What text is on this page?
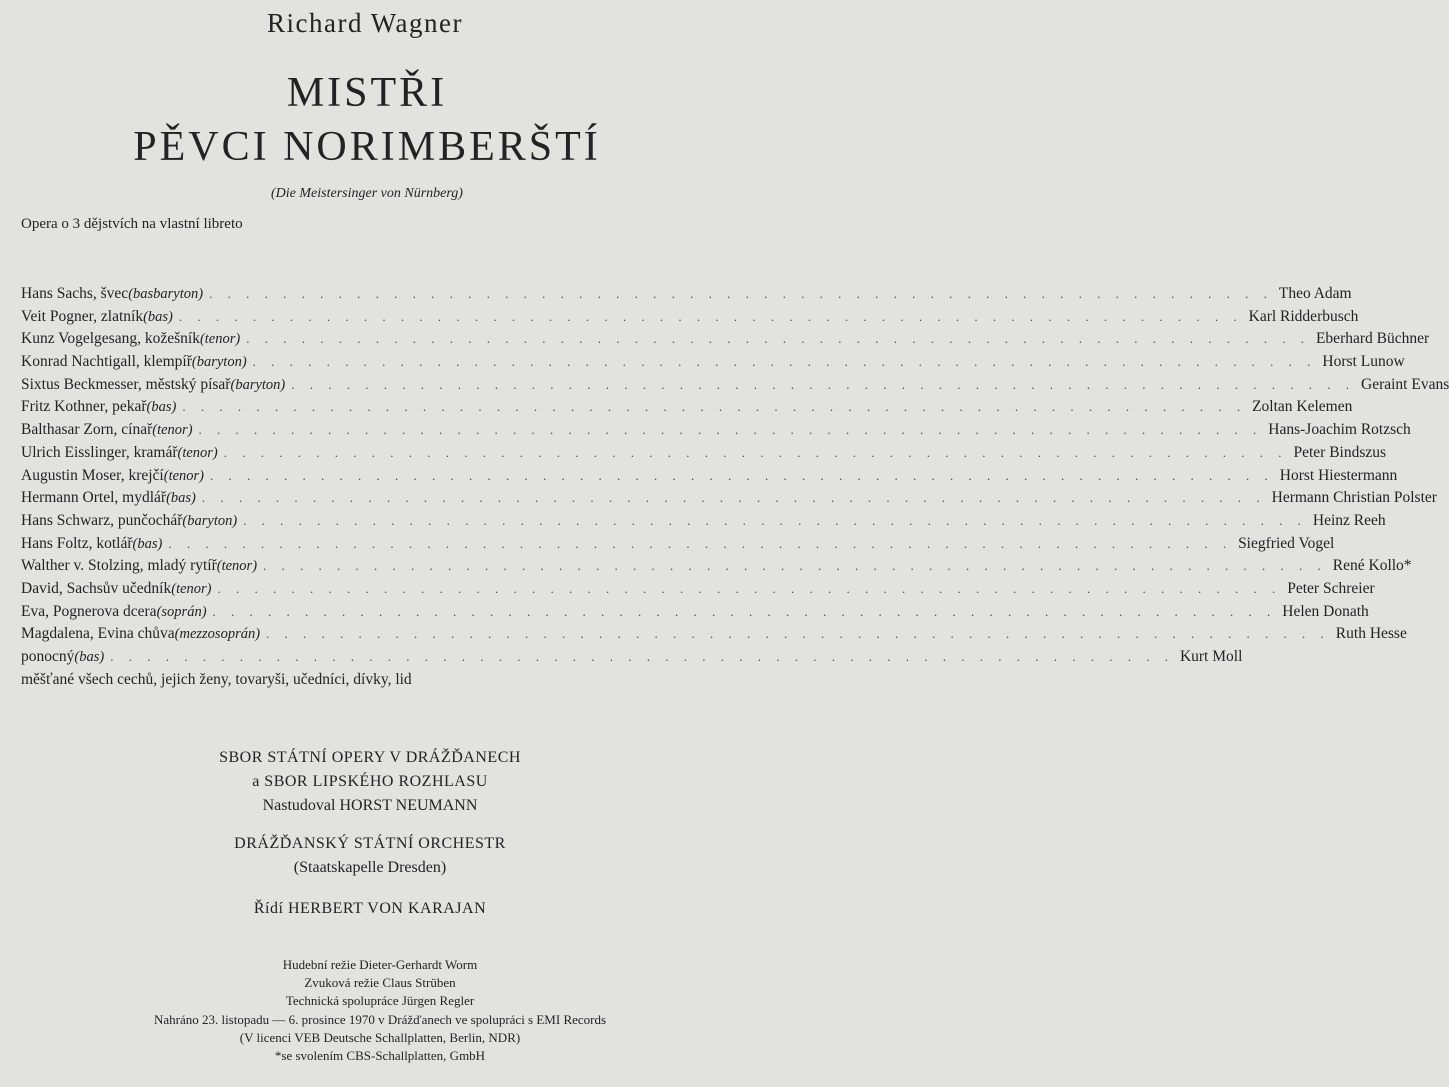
Richard Wagner
MISTŘI
PĚVCI NORIMBERŠTÍ
(Die Meistersinger von Nürnberg)
Opera o 3 dějstvích na vlastní libreto
Hans Sachs, švec (basbaryton) . . . . . . . . . . . . . . . . . . . . . . . . . . . . . . . . . . . . . . . . . . . . . . . . . . . . . . . . . . Theo Adam
Veit Pogner, zlatník (bas) . . . . . . . . . . . . . . . . . . . . . . . . . . . . . . . . . . . . . . . . . . . . . . . . . . . . . . . . . . Karl Ridderbusch
Kunz Vogelgesang, kožešník (tenor) . . . . . . . . . . . . . . . . . . . . . . . . . . . . . . . . . . . . . . . . . . . . . . . . . . . . . . . . . . Eberhard Büchner
Konrad Nachtigall, klempíř (baryton) . . . . . . . . . . . . . . . . . . . . . . . . . . . . . . . . . . . . . . . . . . . . . . . . . . . . . . . . . . Horst Lunow
Sixtus Beckmesser, městský písař (baryton) . . . . . . . . . . . . . . . . . . . . . . . . . . . . . . . . . . . . . . . . . . . . . . . . . . . . . . . . . . Geraint Evans
Fritz Kothner, pekař (bas) . . . . . . . . . . . . . . . . . . . . . . . . . . . . . . . . . . . . . . . . . . . . . . . . . . . . . . . . . . Zoltan Kelemen
Balthasar Zorn, cínař (tenor) . . . . . . . . . . . . . . . . . . . . . . . . . . . . . . . . . . . . . . . . . . . . . . . . . . . . . . . . . . Hans-Joachim Rotzsch
Ulrich Eisslinger, kramář (tenor) . . . . . . . . . . . . . . . . . . . . . . . . . . . . . . . . . . . . . . . . . . . . . . . . . . . . . . . . . . Peter Bindszus
Augustin Moser, krejčí (tenor) . . . . . . . . . . . . . . . . . . . . . . . . . . . . . . . . . . . . . . . . . . . . . . . . . . . . . . . . . . Horst Hiestermann
Hermann Ortel, mydlář (bas) . . . . . . . . . . . . . . . . . . . . . . . . . . . . . . . . . . . . . . . . . . . . . . . . . . . . . . . . . . Hermann Christian Polster
Hans Schwarz, punčochář (baryton) . . . . . . . . . . . . . . . . . . . . . . . . . . . . . . . . . . . . . . . . . . . . . . . . . . . . . . . . . . Heinz Reeh
Hans Foltz, kotlář (bas) . . . . . . . . . . . . . . . . . . . . . . . . . . . . . . . . . . . . . . . . . . . . . . . . . . . . . . . . . . Siegfried Vogel
Walther v. Stolzing, mladý rytíř (tenor) . . . . . . . . . . . . . . . . . . . . . . . . . . . . . . . . . . . . . . . . . . . . . . . . . . . . . . . . . . René Kollo*
David, Sachsův učedník (tenor) . . . . . . . . . . . . . . . . . . . . . . . . . . . . . . . . . . . . . . . . . . . . . . . . . . . . . . . . . . Peter Schreier
Eva, Pognerova dcera (soprán) . . . . . . . . . . . . . . . . . . . . . . . . . . . . . . . . . . . . . . . . . . . . . . . . . . . . . . . . . . Helen Donath
Magdalena, Evina chůva (mezzosoprán) . . . . . . . . . . . . . . . . . . . . . . . . . . . . . . . . . . . . . . . . . . . . . . . . . . . . . . . . . . Ruth Hesse
ponocný (bas) . . . . . . . . . . . . . . . . . . . . . . . . . . . . . . . . . . . . . . . . . . . . . . . . . . . . . . . . . . Kurt Moll
měšťané všech cechů, jejich ženy, tovaryši, učedníci, dívky, lid
SBOR STÁTNÍ OPERY V DRÁŽĎANECH
a SBOR LIPSKÉHO ROZHLASU
Nastudoval HORST NEUMANN
DRÁŽĎANSKÝ STÁTNÍ ORCHESTR
(Staatskapelle Dresden)
Řídí HERBERT VON KARAJAN
Hudební režie Dieter-Gerhardt Worm
Zvuková režie Claus Strüben
Technická spolupráce Jürgen Regler
Nahráno 23. listopadu — 6. prosince 1970 v Drážďanech ve spolupráci s EMI Records
(V licenci VEB Deutsche Schallplatten, Berlin, NDR)
*se svolením CBS-Schallplatten, GmbH
